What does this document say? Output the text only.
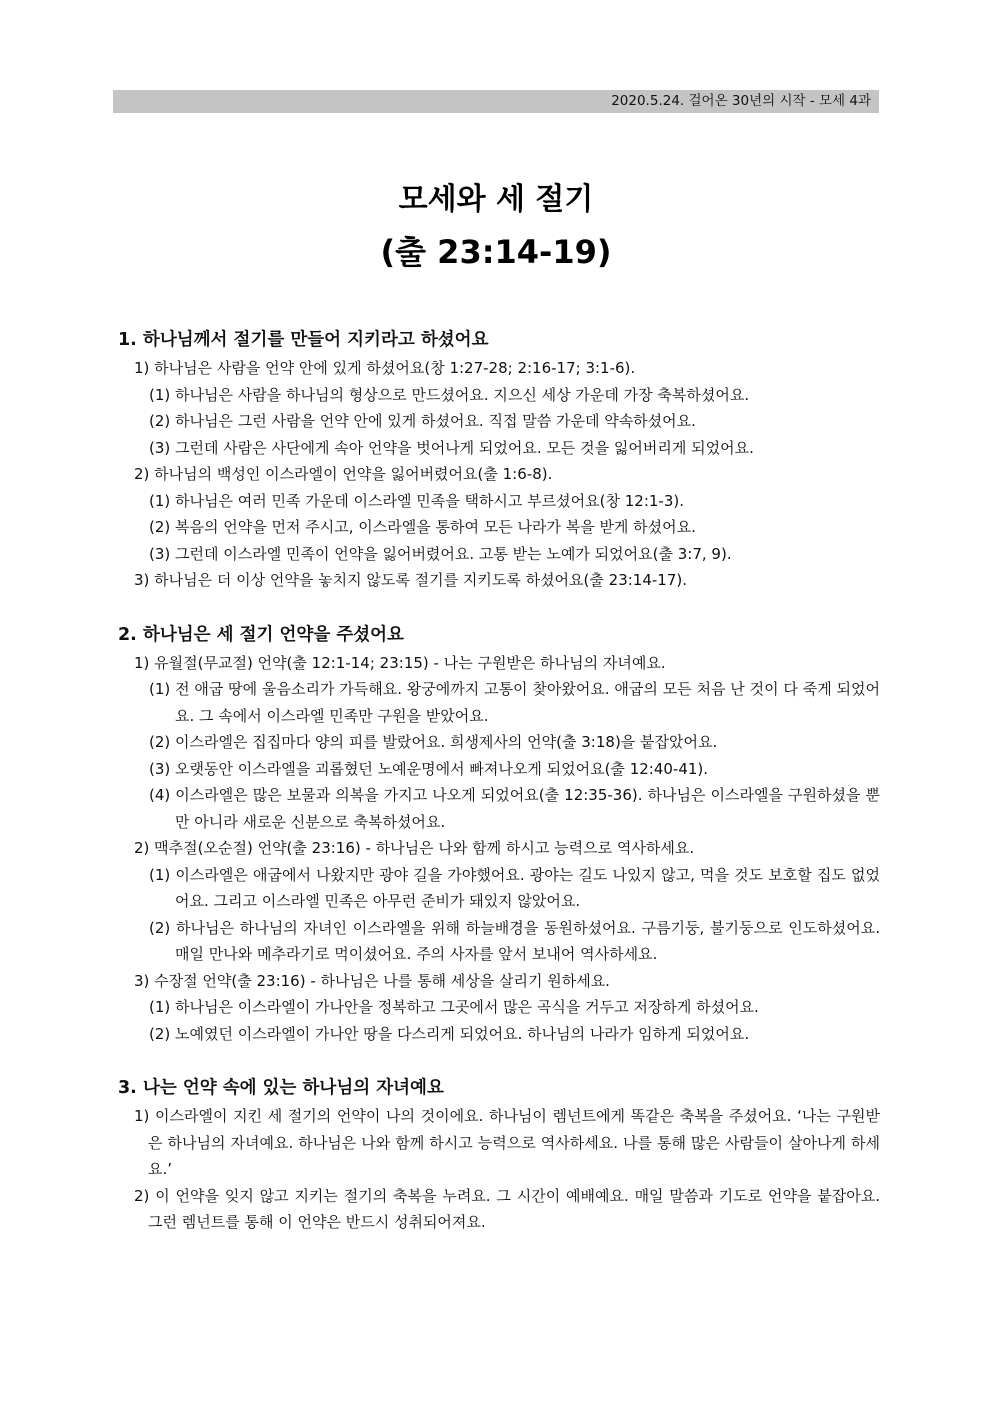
2020.5.24. 걸어온 30년의 시작 - 모세 4과
모세와 세 절기
(출 23:14-19)

1. 하나님께서 절기를 만들어 지키라고 하셨어요

1) 하나님은 사람을 언약 안에 있게 하셨어요(창 1:27-28; 2:16-17; 3:1-6).

(1) 하나님은 사람을 하나님의 형상으로 만드셨어요. 지으신 세상 가운데 가장 축복하셨어요.

(2) 하나님은 그런 사람을 언약 안에 있게 하셨어요. 직접 말씀 가운데 약속하셨어요.

(3) 그런데 사람은 사단에게 속아 언약을 벗어나게 되었어요. 모든 것을 잃어버리게 되었어요.

2) 하나님의 백성인 이스라엘이 언약을 잃어버렸어요(출 1:6-8).

(1) 하나님은 여러 민족 가운데 이스라엘 민족을 택하시고 부르셨어요(창 12:1-3).

(2) 복음의 언약을 먼저 주시고, 이스라엘을 통하여 모든 나라가 복을 받게 하셨어요.

(3) 그런데 이스라엘 민족이 언약을 잃어버렸어요. 고통 받는 노예가 되었어요(출 3:7, 9).

3) 하나님은 더 이상 언약을 놓치지 않도록 절기를 지키도록 하셨어요(출 23:14-17).

2. 하나님은 세 절기 언약을 주셨어요

1) 유월절(무교절) 언약(출 12:1-14; 23:15) - 나는 구원받은 하나님의 자녀예요.

(1) 전 애굽 땅에 울음소리가 가득해요. 왕궁에까지 고통이 찾아왔어요. 애굽의 모든 처음 난 것이 다 죽게 되었어요. 그 속에서 이스라엘 민족만 구원을 받았어요.

(2) 이스라엘은 집집마다 양의 피를 발랐어요. 희생제사의 언약(출 3:18)을 붙잡았어요.

(3) 오랫동안 이스라엘을 괴롭혔던 노예운명에서 빠져나오게 되었어요(출 12:40-41).

(4) 이스라엘은 많은 보물과 의복을 가지고 나오게 되었어요(출 12:35-36). 하나님은 이스라엘을 구원하셨을 뿐만 아니라 새로운 신분으로 축복하셨어요.

2) 맥추절(오순절) 언약(출 23:16) - 하나님은 나와 함께 하시고 능력으로 역사하세요.

(1) 이스라엘은 애굽에서 나왔지만 광야 길을 가야했어요. 광야는 길도 나있지 않고, 먹을 것도 보호할 집도 없었어요. 그리고 이스라엘 민족은 아무런 준비가 돼있지 않았어요.

(2) 하나님은 하나님의 자녀인 이스라엘을 위해 하늘배경을 동원하셨어요. 구름기둥, 불기둥으로 인도하셨어요. 매일 만나와 메추라기로 먹이셨어요. 주의 사자를 앞서 보내어 역사하세요.

3) 수장절 언약(출 23:16) - 하나님은 나를 통해 세상을 살리기 원하세요.

(1) 하나님은 이스라엘이 가나안을 정복하고 그곳에서 많은 곡식을 거두고 저장하게 하셨어요.

(2) 노예였던 이스라엘이 가나안 땅을 다스리게 되었어요. 하나님의 나라가 임하게 되었어요.

3. 나는 언약 속에 있는 하나님의 자녀예요

1) 이스라엘이 지킨 세 절기의 언약이 나의 것이에요. 하나님이 렘넌트에게 똑같은 축복을 주셨어요. ‘나는 구원받은 하나님의 자녀예요. 하나님은 나와 함께 하시고 능력으로 역사하세요. 나를 통해 많은 사람들이 살아나게 하세요.’

2) 이 언약을 잊지 않고 지키는 절기의 축복을 누려요. 그 시간이 예배예요. 매일 말씀과 기도로 언약을 붙잡아요. 그런 렘넌트를 통해 이 언약은 반드시 성취되어져요.
